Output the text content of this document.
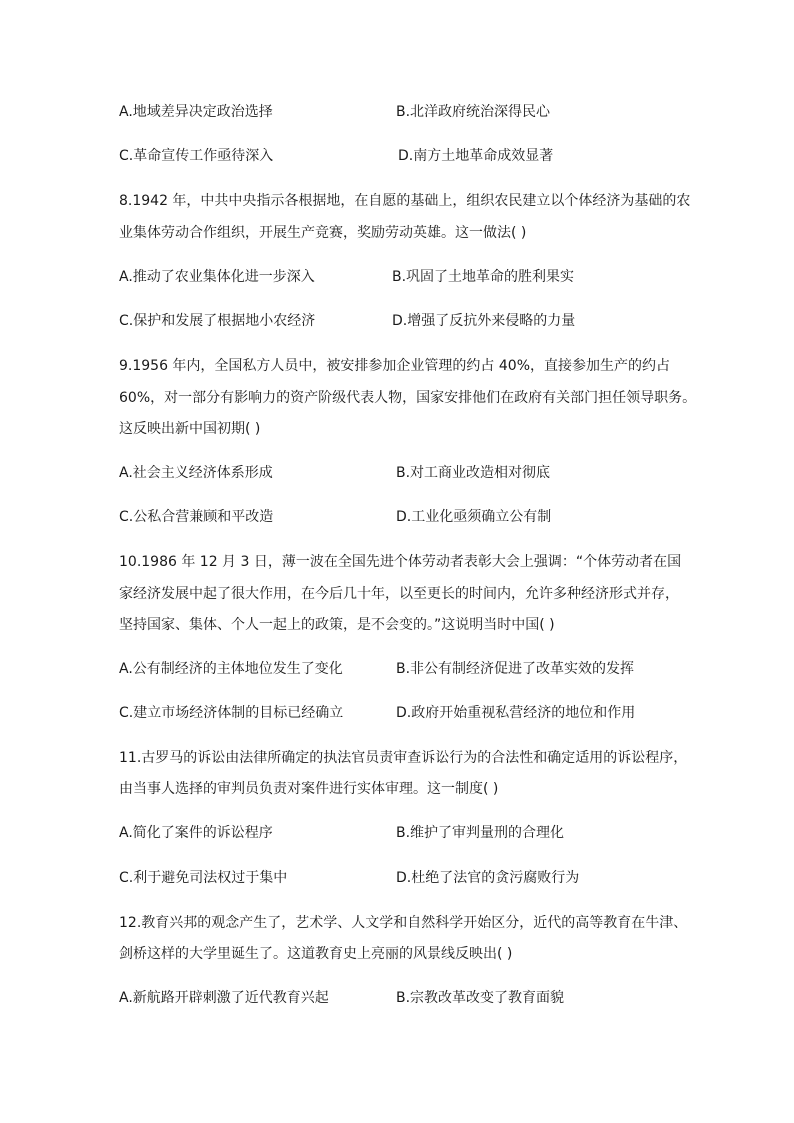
A.地域差异决定政治选择	B.北洋政府统治深得民心
C.革命宣传工作亟待深入	D.南方土地革命成效显著
8.1942 年，中共中央指示各根据地，在自愿的基础上，组织农民建立以个体经济为基础的农
业集体劳动合作组织，开展生产竞赛，奖励劳动英雄。这一做法( )
A.推动了农业集体化进一步深入	B.巩固了土地革命的胜利果实
C.保护和发展了根据地小农经济	D.增强了反抗外来侵略的力量
9.1956 年内，全国私方人员中，被安排参加企业管理的约占 40%，直接参加生产的约占
60%，对一部分有影响力的资产阶级代表人物，国家安排他们在政府有关部门担任领导职务。
这反映出新中国初期( )
A.社会主义经济体系形成	B.对工商业改造相对彻底
C.公私合营兼顾和平改造	D.工业化亟须确立公有制
10.1986 年 12 月 3 日，薄一波在全国先进个体劳动者表彰大会上强调：“个体劳动者在国
家经济发展中起了很大作用，在今后几十年，以至更长的时间内，允许多种经济形式并存，
坚持国家、集体、个人一起上的政策，是不会变的。”这说明当时中国( )
A.公有制经济的主体地位发生了变化	B.非公有制经济促进了改革实效的发挥
C.建立市场经济体制的目标已经确立	D.政府开始重视私营经济的地位和作用
11.古罗马的诉讼由法律所确定的执法官员责审查诉讼行为的合法性和确定适用的诉讼程序，
由当事人选择的审判员负责对案件进行实体审理。这一制度( )
A.简化了案件的诉讼程序	B.维护了审判量刑的合理化
C.利于避免司法权过于集中	D.杜绝了法官的贪污腐败行为
12.教育兴邦的观念产生了，艺术学、人文学和自然科学开始区分，近代的高等教育在牛津、
剑桥这样的大学里诞生了。这道教育史上亮丽的风景线反映出( )
A.新航路开辟刺激了近代教育兴起	B.宗教改革改变了教育面貌
